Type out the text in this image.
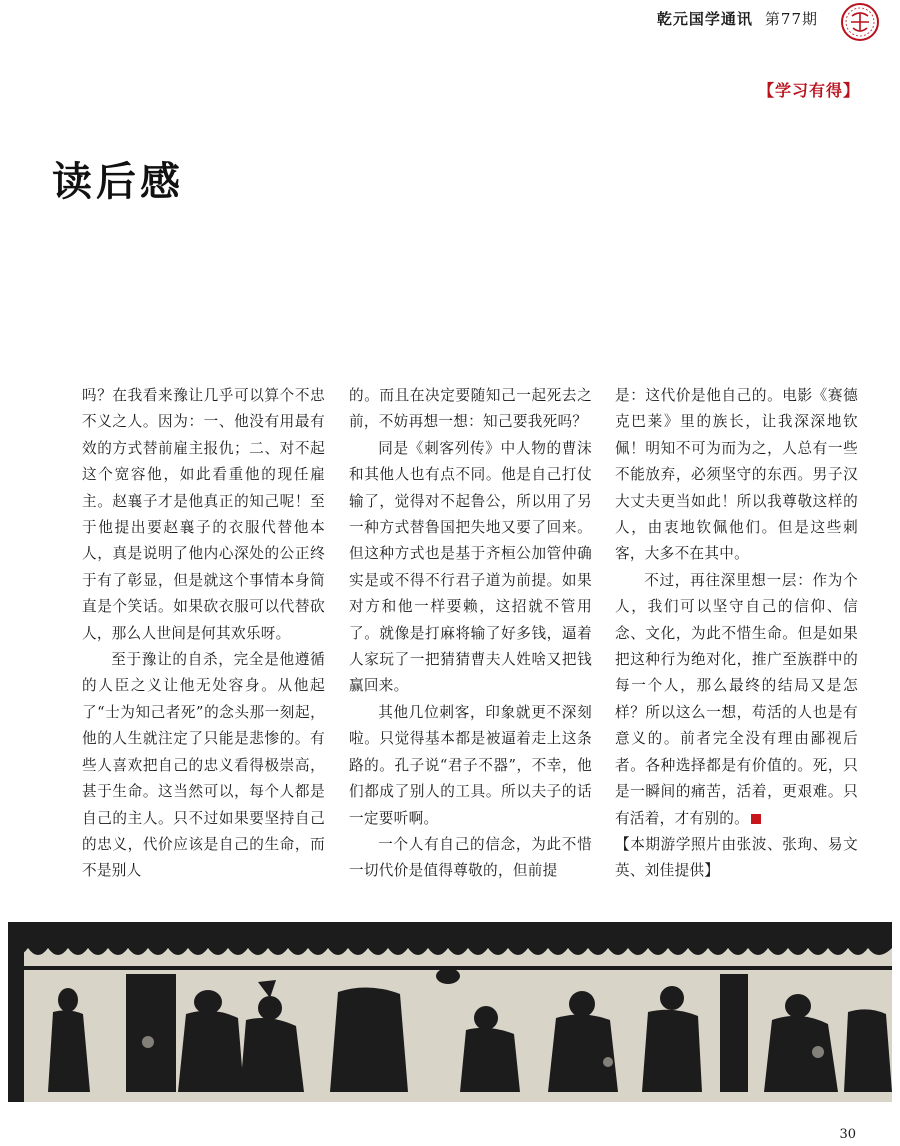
乾元国学通讯 第77期
【学习有得】
读后感

吗？在我看来豫让几乎可以算个不忠不义之人。因为：一、他没有用最有效的方式替前雇主报仇；二、对不起这个宽容他，如此看重他的现任雇主。赵襄子才是他真正的知己呢！至于他提出要赵襄子的衣服代替他本人，真是说明了他内心深处的公正终于有了彰显，但是就这个事情本身简直是个笑话。如果砍衣服可以代替砍人，那么人世间是何其欢乐呀。

至于豫让的自杀，完全是他遵循的人臣之义让他无处容身。从他起了“士为知己者死”的念头那一刻起，他的人生就注定了只能是悲惨的。有些人喜欢把自己的忠义看得极崇高，甚于生命。这当然可以，每个人都是自己的主人。只不过如果要坚持自己的忠义，代价应该是自己的生命，而不是别人

的。而且在决定要随知己一起死去之前，不妨再想一想：知己要我死吗？

同是《刺客列传》中人物的曹沫和其他人也有点不同。他是自己打仗输了，觉得对不起鲁公，所以用了另一种方式替鲁国把失地又要了回来。但这种方式也是基于齐桓公加管仲确实是或不得不行君子道为前提。如果对方和他一样要赖，这招就不管用了。就像是打麻将输了好多钱，逼着人家玩了一把猜猜曹夫人姓啥又把钱赢回来。

其他几位刺客，印象就更不深刻啦。只觉得基本都是被逼着走上这条路的。孔子说“君子不器”，不幸，他们都成了别人的工具。所以夫子的话一定要听啊。

一个人有自己的信念，为此不惜一切代价是值得尊敬的，但前提

是：这代价是他自己的。电影《赛德克巴莱》里的族长，让我深深地钦佩！明知不可为而为之，人总有一些不能放弃，必须坚守的东西。男子汉大丈夫更当如此！所以我尊敬这样的人，由衷地钦佩他们。但是这些刺客，大多不在其中。

不过，再往深里想一层：作为个人，我们可以坚守自己的信仰、信念、文化，为此不惜生命。但是如果把这种行为绝对化，推广至族群中的每一个人，那么最终的结局又是怎样？所以这么一想，苟活的人也是有意义的。前者完全没有理由鄙视后者。各种选择都是有价值的。死，只是一瞬间的痛苦，活着，更艰难。只有活着，才有别的。

【本期游学照片由张波、张珣、易文英、刘佳提供】

30
